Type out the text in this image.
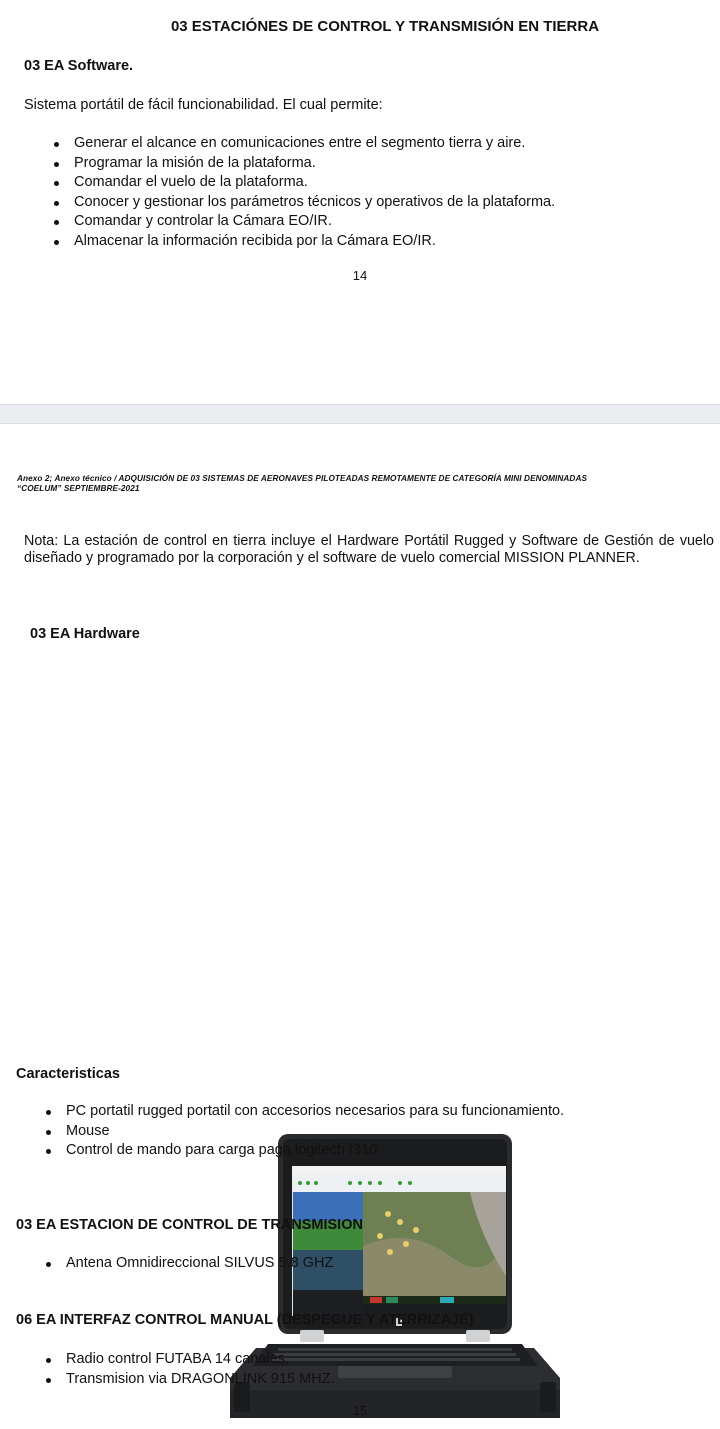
03 ESTACIÓNES DE CONTROL Y TRANSMISIÓN EN TIERRA
03 EA Software.
Sistema portátil de fácil funcionabilidad. El cual permite:
Generar el alcance en comunicaciones entre el segmento tierra y aire.
Programar la misión de la plataforma.
Comandar el vuelo de la plataforma.
Conocer y gestionar los parámetros técnicos y operativos de la plataforma.
Comandar y controlar la Cámara EO/IR.
Almacenar la información recibida por la Cámara EO/IR.
14
Anexo 2; Anexo técnico / ADQUISICIÓN DE 03 SISTEMAS DE AERONAVES PILOTEADAS REMOTAMENTE DE CATEGORÍA MINI DENOMINADAS
“COELUM” SEPTIEMBRE-2021
Nota: La estación de control en tierra incluye el Hardware Portátil Rugged y Software de Gestión de vuelo diseñado y programado por la corporación y el software de vuelo comercial MISSION PLANNER.
03 EA Hardware
Caracteristicas
PC portatil rugged portatil con accesorios necesarios para su funcionamiento.
Mouse
Control de mando para carga paga logitech f310.
03 EA ESTACION DE CONTROL DE TRANSMISION
Antena Omnidireccional SILVUS 5.8 GHZ
06 EA INTERFAZ CONTROL MANUAL (DESPEGUE Y ATERRIZAJE)
Radio control FUTABA 14 canales.
Transmision via DRAGONLINK 915 MHZ.
15
